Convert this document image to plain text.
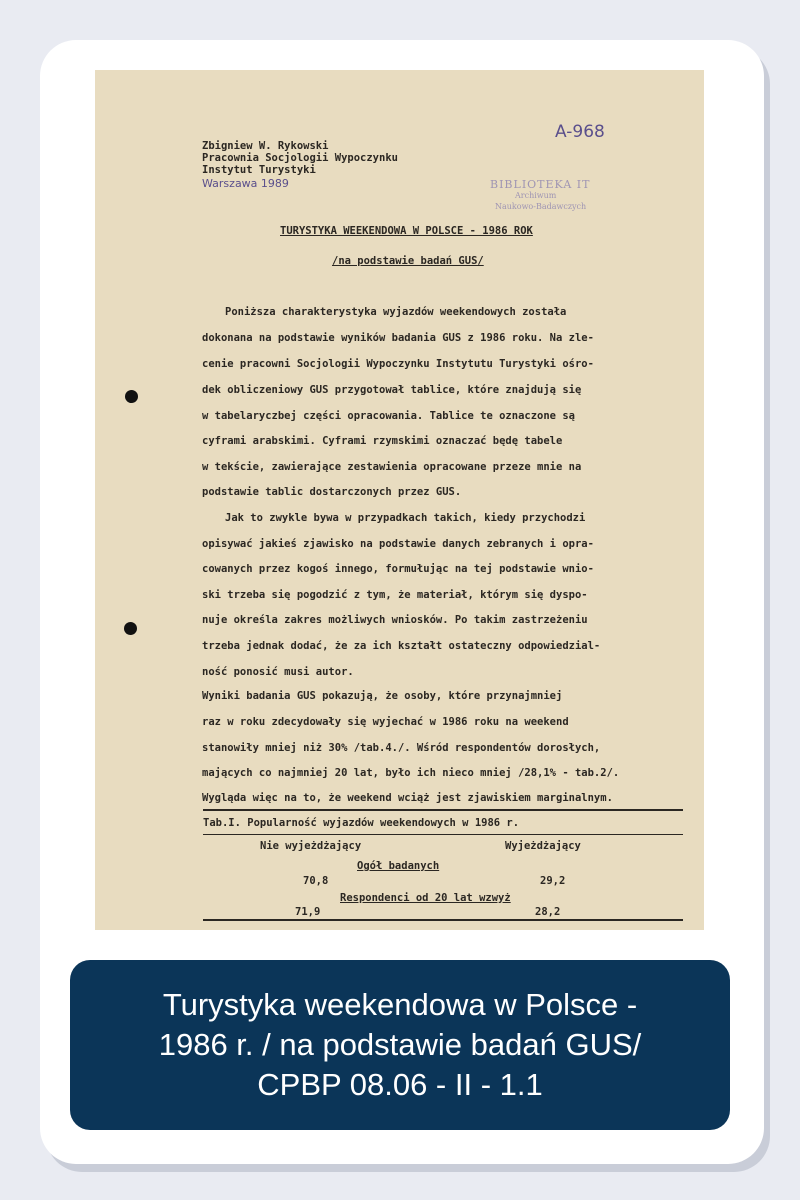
Zbigniew W. Rykowski
Pracownia Socjologii Wypoczynku
Instytut Turystyki
Warszawa 1989
A-968
BIBLIOTEKA IT
Archiwum
Naukowo-Badawczych
TURYSTYKA WEEKENDOWA W POLSCE - 1986 ROK
/na podstawie badań GUS/
Poniższa charakterystyka wyjazdów weekendowych została
dokonana na podstawie wyników badania GUS z 1986 roku. Na zle-
cenie pracowni Socjologii Wypoczynku Instytutu Turystyki ośro-
dek obliczeniowy GUS przygotował tablice, które znajdują się
w tabelaryczbej części opracowania. Tablice te oznaczone są
cyframi arabskimi. Cyframi rzymskimi oznaczać będę tabele
w tekście, zawierające zestawienia opracowane przeze mnie na
podstawie tablic dostarczonych przez GUS.
Jak to zwykle bywa w przypadkach takich, kiedy przychodzi
opisywać jakieś zjawisko na podstawie danych zebranych i opra-
cowanych przez kogoś innego, formułując na tej podstawie wnio-
ski trzeba się pogodzić z tym, że materiał, którym się dyspo-
nuje określa zakres możliwych wniosków. Po takim zastrzeżeniu
trzeba jednak dodać, że za ich kształt ostateczny odpowiedzial-
ność ponosić musi autor.
Wyniki badania GUS pokazują, że osoby, które przynajmniej
raz w roku zdecydowały się wyjechać w 1986 roku na weekend
stanowiły mniej niż 30% /tab.4./. Wśród respondentów dorosłych,
mających co najmniej 20 lat, było ich nieco mniej /28,1% - tab.2/.
Wygląda więc na to, że weekend wciąż jest zjawiskiem marginalnym.
Tab.I. Popularność wyjazdów weekendowych w 1986 r.
Nie wyjeżdżający	Wyjeżdżający
Ogół badanych
70,8	29,2
Respondenci od 20 lat wzwyż
71,9	28,2
Turystyka weekendowa w Polsce -
1986 r. / na podstawie badań GUS/
CPBP 08.06 - II - 1.1
